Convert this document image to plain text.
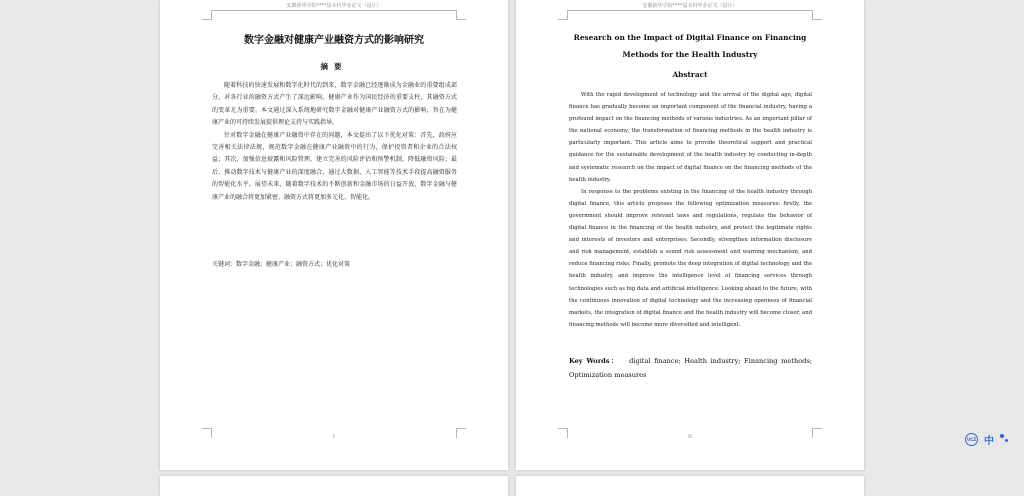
安徽新华学院****届本科毕业论文（设计）
数字金融对健康产业融资方式的影响研究
摘要

随着科技的快速发展和数字化时代的到来，数字金融已经逐渐成为金融业的重要组成部分，对各行业的融资方式产生了深远影响。健康产业作为国民经济的重要支柱，其融资方式的变革尤为重要。本文通过深入系统地研究数字金融对健康产业融资方式的影响，旨在为健康产业的可持续发展提供理论支持与实践指导。

针对数字金融在健康产业融资中存在的问题，本文提出了以下优化对策：首先，政府应完善相关法律法规，规范数字金融在健康产业融资中的行为，保护投资者和企业的合法权益；其次，加强信息披露和风险管理，建立完善的风险评估和预警机制，降低融资风险；最后，推动数字技术与健康产业的深度融合，通过大数据、人工智能等技术手段提高融资服务的智能化水平。展望未来，随着数字技术的不断创新和金融市场的日益开放，数字金融与健康产业的融合将更加紧密，融资方式将更加多元化、智能化。

关键词：数字金融；健康产业；融资方式；优化对策
I
安徽新华学院****届本科毕业论文（设计）
Research on the Impact of Digital Finance on Financing Methods for the Health Industry
Abstract

With the rapid development of technology and the arrival of the digital age, digital finance has gradually become an important component of the financial industry, having a profound impact on the financing methods of various industries. As an important pillar of the national economy, the transformation of financing methods in the health industry is particularly important. This article aims to provide theoretical support and practical guidance for the sustainable development of the health industry by conducting in-depth and systematic research on the impact of digital finance on the financing methods of the health industry.

In response to the problems existing in the financing of the health industry through digital finance, this article proposes the following optimization measures: firstly, the government should improve relevant laws and regulations, regulate the behavior of digital finance in the financing of the health industry, and protect the legitimate rights and interests of investors and enterprises; Secondly, strengthen information disclosure and risk management, establish a sound risk assessment and warning mechanism, and reduce financing risks; Finally, promote the deep integration of digital technology and the health industry, and improve the intelligence level of financing services through technologies such as big data and artificial intelligence. Looking ahead to the future, with the continuous innovation of digital technology and the increasing openness of financial markets, the integration of digital finance and the health industry will become closer, and financing methods will become more diversified and intelligent.

Key Words： digital finance; Health industry; Financing methods; Optimization measures
II	UCZ 中
